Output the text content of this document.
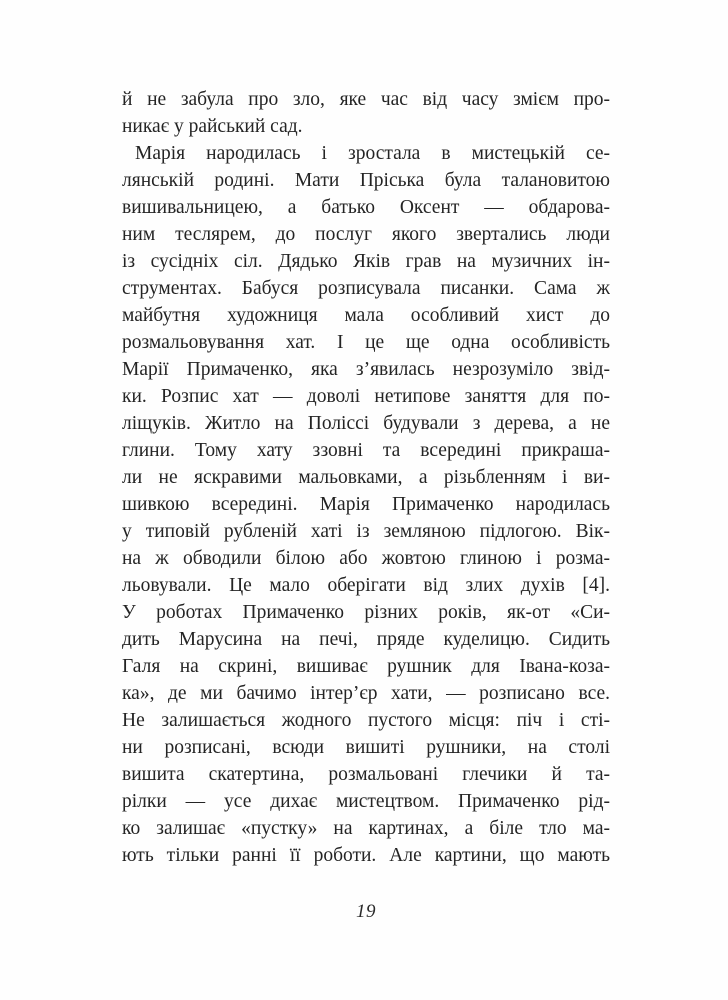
й не забула про зло, яке час від часу змієм про-
никає у райський сад.
Марія народилась і зростала в мистецькій се-
лянській родині. Мати Пріська була талановитою
вишивальницею, а батько Оксент — обдарова-
ним теслярем, до послуг якого звертались люди
із сусідніх сіл. Дядько Яків грав на музичних ін-
струментах. Бабуся розписувала писанки. Сама ж
майбутня художниця мала особливий хист до
розмальовування хат. І це ще одна особливість
Марії Примаченко, яка з’явилась незрозуміло звід-
ки. Розпис хат — доволі нетипове заняття для по-
ліщуків. Житло на Поліссі будували з дерева, а не
глини. Тому хату ззовні та всередині прикраша-
ли не яскравими мальовками, а різьбленням і ви-
шивкою всередині. Марія Примаченко народилась
у типовій рубленій хаті із земляною підлогою. Вік-
на ж обводили білою або жовтою глиною і розма-
льовували. Це мало оберігати від злих духів [4].
У роботах Примаченко різних років, як-от «Си-
дить Марусина на печі, пряде куделицю. Сидить
Галя на скрині, вишиває рушник для Івана-коза-
ка», де ми бачимо інтер’єр хати, — розписано все.
Не залишається жодного пустого місця: піч і сті-
ни розписані, всюди вишиті рушники, на столі
вишита скатертина, розмальовані глечики й та-
рілки — усе дихає мистецтвом. Примаченко рід-
ко залишає «пустку» на картинах, а біле тло ма-
ють тільки ранні її роботи. Але картини, що мають
19
